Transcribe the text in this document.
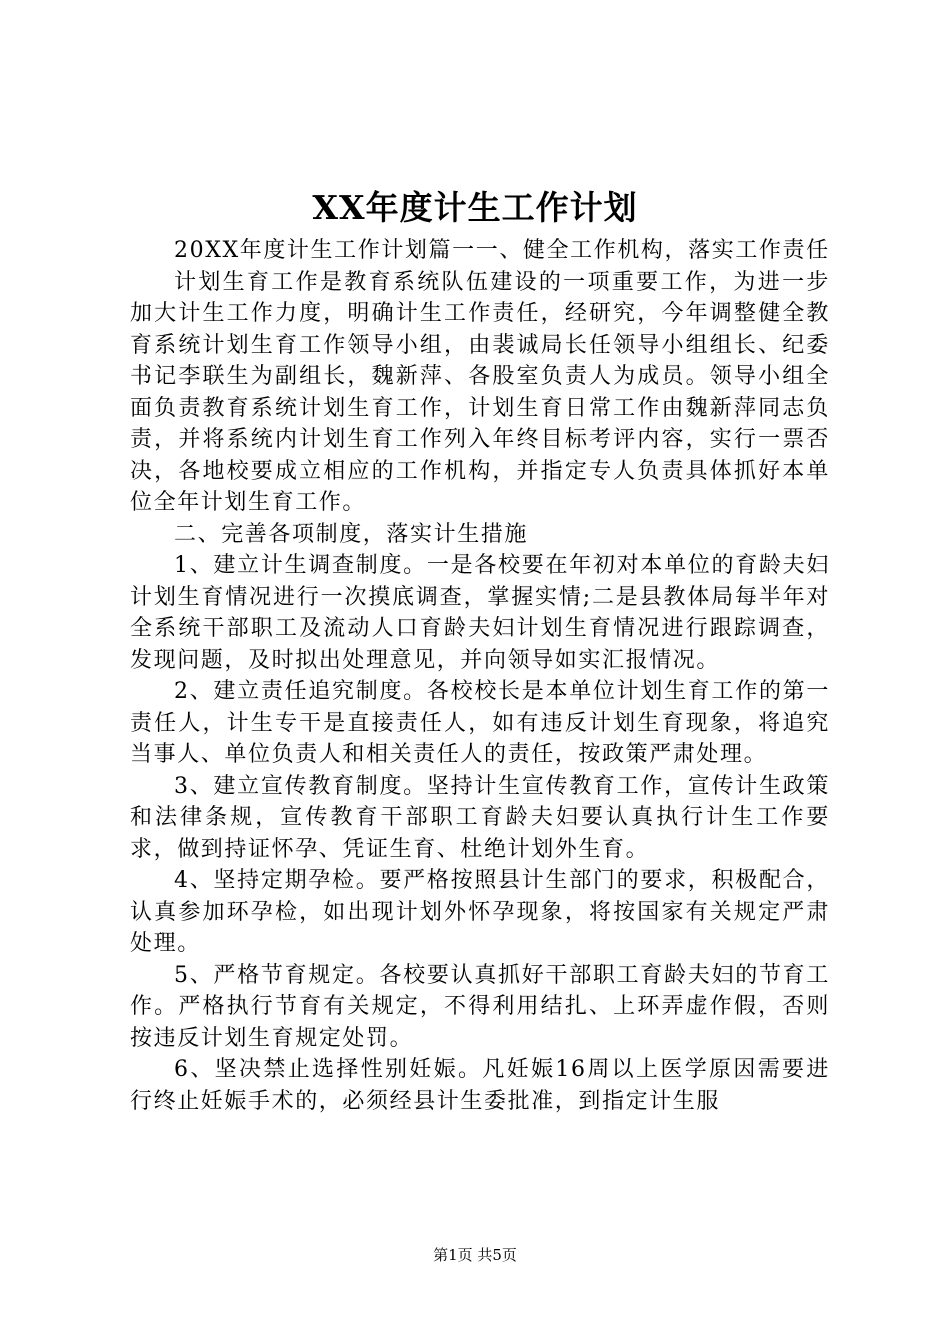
XX年度计生工作计划

20XX年度计生工作计划篇一一、健全工作机构，落实工作责任

计划生育工作是教育系统队伍建设的一项重要工作，为进一步加大计生工作力度，明确计生工作责任，经研究，今年调整健全教育系统计划生育工作领导小组，由裴诚局长任领导小组组长、纪委书记李联生为副组长，魏新萍、各股室负责人为成员。领导小组全面负责教育系统计划生育工作，计划生育日常工作由魏新萍同志负责，并将系统内计划生育工作列入年终目标考评内容，实行一票否决，各地校要成立相应的工作机构，并指定专人负责具体抓好本单位全年计划生育工作。

二、完善各项制度，落实计生措施

1、建立计生调查制度。一是各校要在年初对本单位的育龄夫妇计划生育情况进行一次摸底调查，掌握实情;二是县教体局每半年对全系统干部职工及流动人口育龄夫妇计划生育情况进行跟踪调查，发现问题，及时拟出处理意见，并向领导如实汇报情况。

2、建立责任追究制度。各校校长是本单位计划生育工作的第一责任人，计生专干是直接责任人，如有违反计划生育现象，将追究当事人、单位负责人和相关责任人的责任，按政策严肃处理。

3、建立宣传教育制度。坚持计生宣传教育工作，宣传计生政策和法律条规，宣传教育干部职工育龄夫妇要认真执行计生工作要求，做到持证怀孕、凭证生育、杜绝计划外生育。

4、坚持定期孕检。要严格按照县计生部门的要求，积极配合，认真参加环孕检，如出现计划外怀孕现象，将按国家有关规定严肃处理。

5、严格节育规定。各校要认真抓好干部职工育龄夫妇的节育工作。严格执行节育有关规定，不得利用结扎、上环弄虚作假，否则按违反计划生育规定处罚。

6、坚决禁止选择性别妊娠。凡妊娠16周以上医学原因需要进行终止妊娠手术的，必须经县计生委批准，到指定计生服

第1页 共5页
